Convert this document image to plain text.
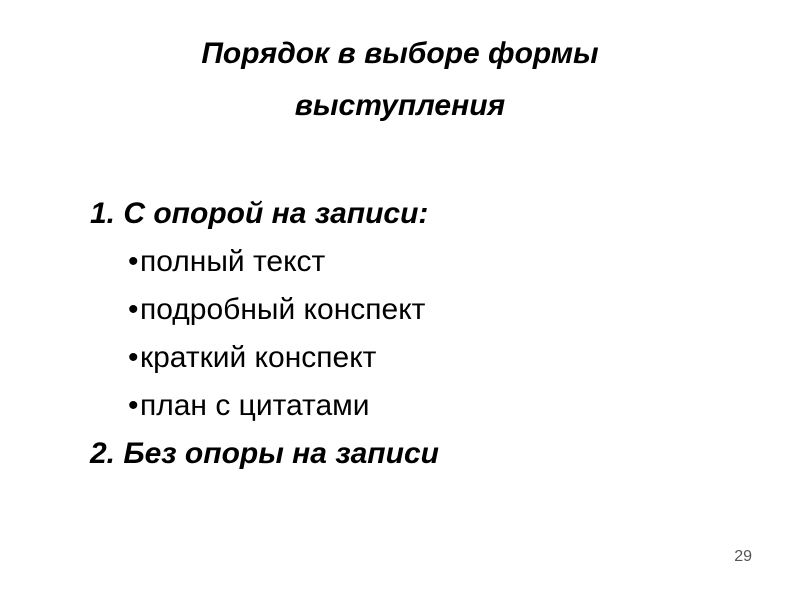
Порядок в выборе формы
выступления
1. С опорой на записи:
•полный текст
•подробный конспект
•краткий конспект
•план с цитатами
2. Без опоры на записи
29
